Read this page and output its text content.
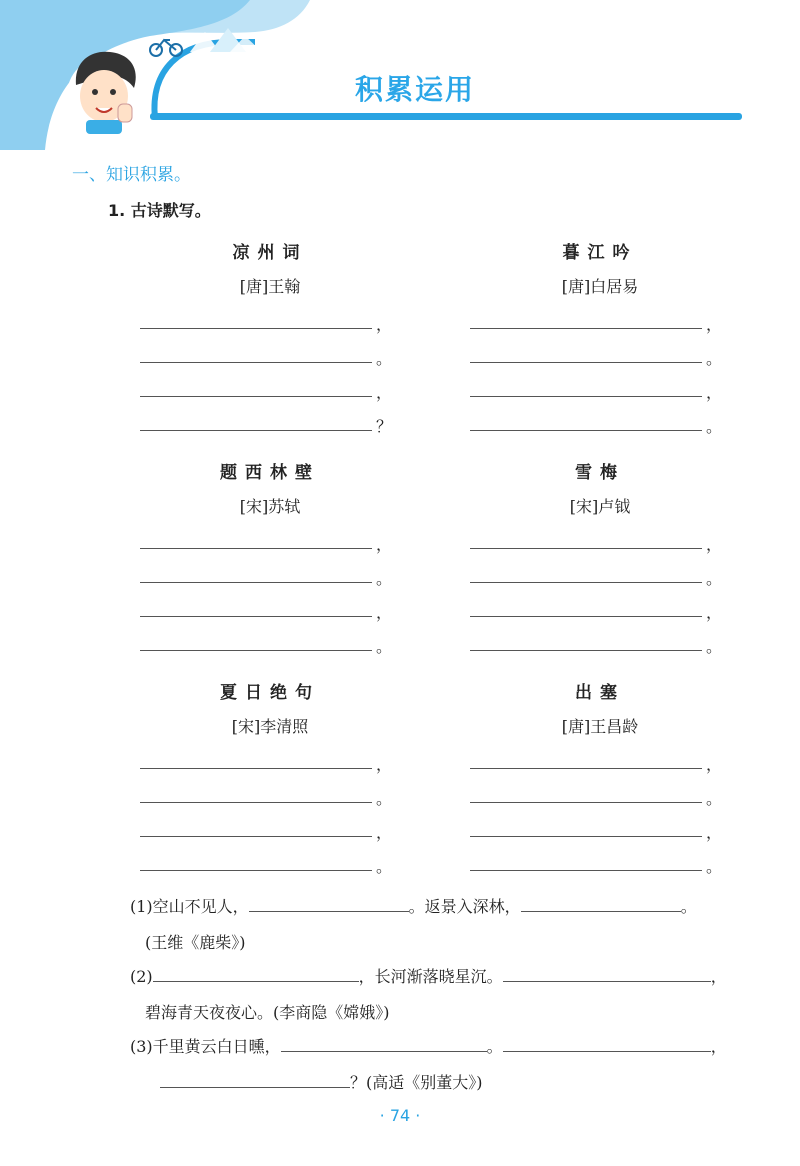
积累运用
一、知识积累。
1. 古诗默写。
凉州词
[唐]王翰
，
。
，
？
暮江吟
[唐]白居易
，
。
，
。
题西林壁
[宋]苏轼
，
。
，
。
雪梅
[宋]卢钺
，
。
，
。
夏日绝句
[宋]李清照
，
。
，
。
出塞
[唐]王昌龄
，
。
，
。
(1)空山不见人，	。返景入深林，	。
(王维《鹿柴》)
(2)	，长河渐落晓星沉。	，
碧海青天夜夜心。(李商隐《嫦娥》)
(3)千里黄云白日曛，	。	，
？(高适《别董大》)
· 74 ·
